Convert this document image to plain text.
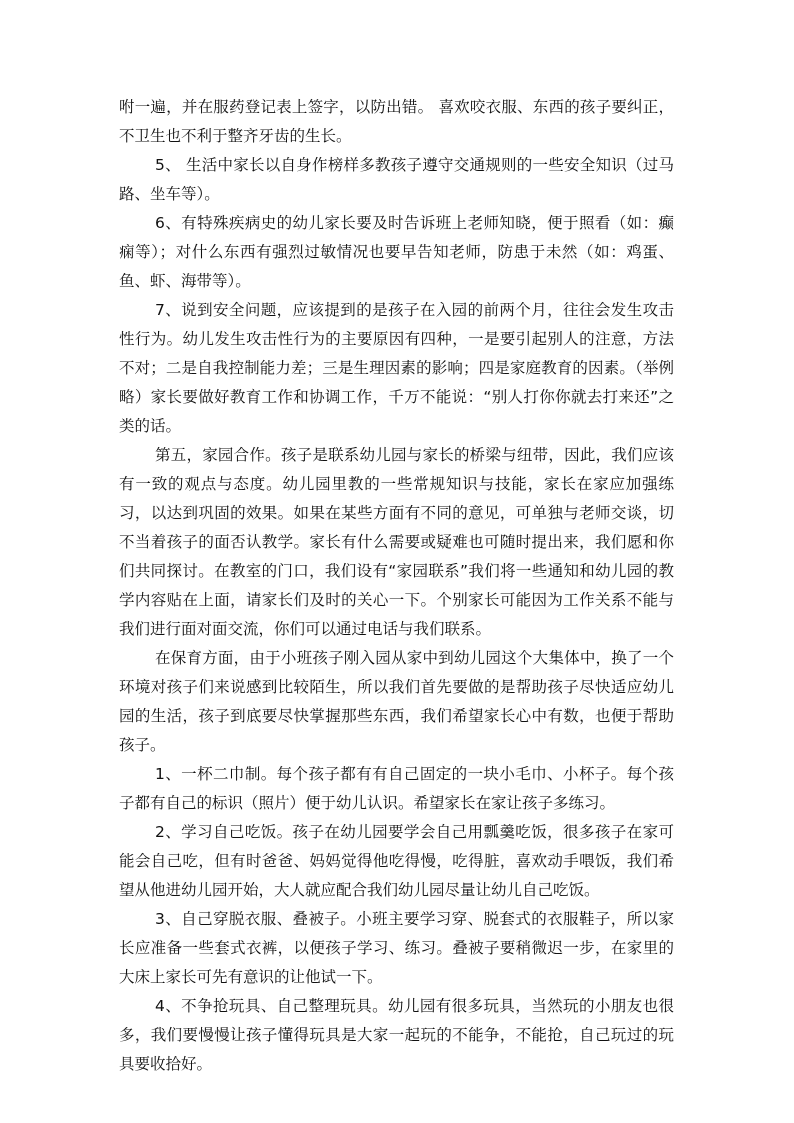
咐一遍，并在服药登记表上签字，以防出错。 喜欢咬衣服、东西的孩子要纠正，不卫生也不利于整齐牙齿的生长。

5、 生活中家长以自身作榜样多教孩子遵守交通规则的一些安全知识（过马路、坐车等）。

6、有特殊疾病史的幼儿家长要及时告诉班上老师知晓，便于照看（如：癫痫等）；对什么东西有强烈过敏情况也要早告知老师，防患于未然（如：鸡蛋、鱼、虾、海带等）。

7、说到安全问题，应该提到的是孩子在入园的前两个月，往往会发生攻击性行为。幼儿发生攻击性行为的主要原因有四种，一是要引起别人的注意，方法不对；二是自我控制能力差；三是生理因素的影响；四是家庭教育的因素。（举例略）家长要做好教育工作和协调工作，千万不能说：“别人打你你就去打来还”之类的话。

第五，家园合作。孩子是联系幼儿园与家长的桥梁与纽带，因此，我们应该有一致的观点与态度。幼儿园里教的一些常规知识与技能，家长在家应加强练习，以达到巩固的效果。如果在某些方面有不同的意见，可单独与老师交谈，切不当着孩子的面否认教学。家长有什么需要或疑难也可随时提出来，我们愿和你们共同探讨。在教室的门口，我们设有“家园联系”我们将一些通知和幼儿园的教学内容贴在上面，请家长们及时的关心一下。个别家长可能因为工作关系不能与我们进行面对面交流，你们可以通过电话与我们联系。

在保育方面，由于小班孩子刚入园从家中到幼儿园这个大集体中，换了一个环境对孩子们来说感到比较陌生，所以我们首先要做的是帮助孩子尽快适应幼儿园的生活，孩子到底要尽快掌握那些东西，我们希望家长心中有数，也便于帮助孩子。

1、一杯二巾制。每个孩子都有有自己固定的一块小毛巾、小杯子。每个孩子都有自己的标识（照片）便于幼儿认识。希望家长在家让孩子多练习。

2、学习自己吃饭。孩子在幼儿园要学会自己用瓢羹吃饭，很多孩子在家可能会自己吃，但有时爸爸、妈妈觉得他吃得慢，吃得脏，喜欢动手喂饭，我们希望从他进幼儿园开始，大人就应配合我们幼儿园尽量让幼儿自己吃饭。

3、自己穿脱衣服、叠被子。小班主要学习穿、脱套式的衣服鞋子，所以家长应准备一些套式衣裤，以便孩子学习、练习。叠被子要稍微迟一步，在家里的大床上家长可先有意识的让他试一下。

4、不争抢玩具、自己整理玩具。幼儿园有很多玩具，当然玩的小朋友也很多，我们要慢慢让孩子懂得玩具是大家一起玩的不能争，不能抢，自己玩过的玩具要收拾好。
